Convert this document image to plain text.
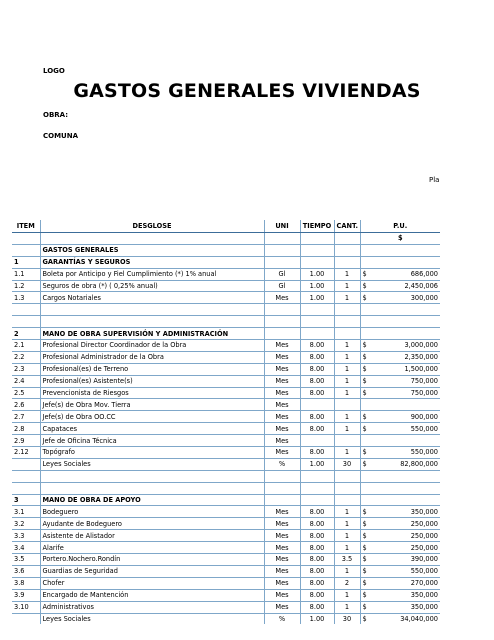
LOGO
GASTOS GENERALES VIVIENDAS
OBRA:
COMUNA
Pla
ITEM	DESGLOSE	UNI	TIEMPO	CANT.	P.U.	
					$	
	GASTOS GENERALES					
1	GARANTÍAS Y SEGUROS					
1.1	Boleta por Anticipo y Fiel Cumplimiento (*) 1% anual	Gl	1.00	1	$	686,000
1.2	Seguros de obra (*) ( 0,25% anual)	Gl	1.00	1	$	2,450,006
1.3	Cargos Notariales	Mes	1.00	1	$	300,000

2	MANO DE OBRA SUPERVISIÓN Y ADMINISTRACIÓN					
2.1	Profesional Director Coordinador de la Obra	Mes	8.00	1	$	3,000,000
2.2	Profesional Administrador de la Obra	Mes	8.00	1	$	2,350,000
2.3	Profesional(es) de Terreno	Mes	8.00	1	$	1,500,000
2.4	Profesional(es) Asistente(s)	Mes	8.00	1	$	750,000
2.5	Prevencionista de Riesgos	Mes	8.00	1	$	750,000
2.6	Jefe(s) de Obra Mov. Tierra	Mes				
2.7	Jefe(s) de Obra OO.CC	Mes	8.00	1	$	900,000
2.8	Capataces	Mes	8.00	1	$	550,000
2.9	Jefe de Oficina Técnica	Mes				
2.12	Topógrafo	Mes	8.00	1	$	550,000
	Leyes Sociales	%	1.00	30	$	82,800,000

3	MANO DE OBRA DE APOYO					
3.1	Bodeguero	Mes	8.00	1	$	350,000
3.2	Ayudante de Bodeguero	Mes	8.00	1	$	250,000
3.3	Asistente de Alistador	Mes	8.00	1	$	250,000
3.4	Alarife	Mes	8.00	1	$	250,000
3.5	Portero.Nochero.Rondín	Mes	8.00	3.5	$	390,000
3.6	Guardias de Seguridad	Mes	8.00	1	$	550,000
3.8	Chofer	Mes	8.00	2	$	270,000
3.9	Encargado de Mantención	Mes	8.00	1	$	350,000
3.10	Administrativos	Mes	8.00	1	$	350,000
	Leyes Sociales	%	1.00	30	$	34,040,000
